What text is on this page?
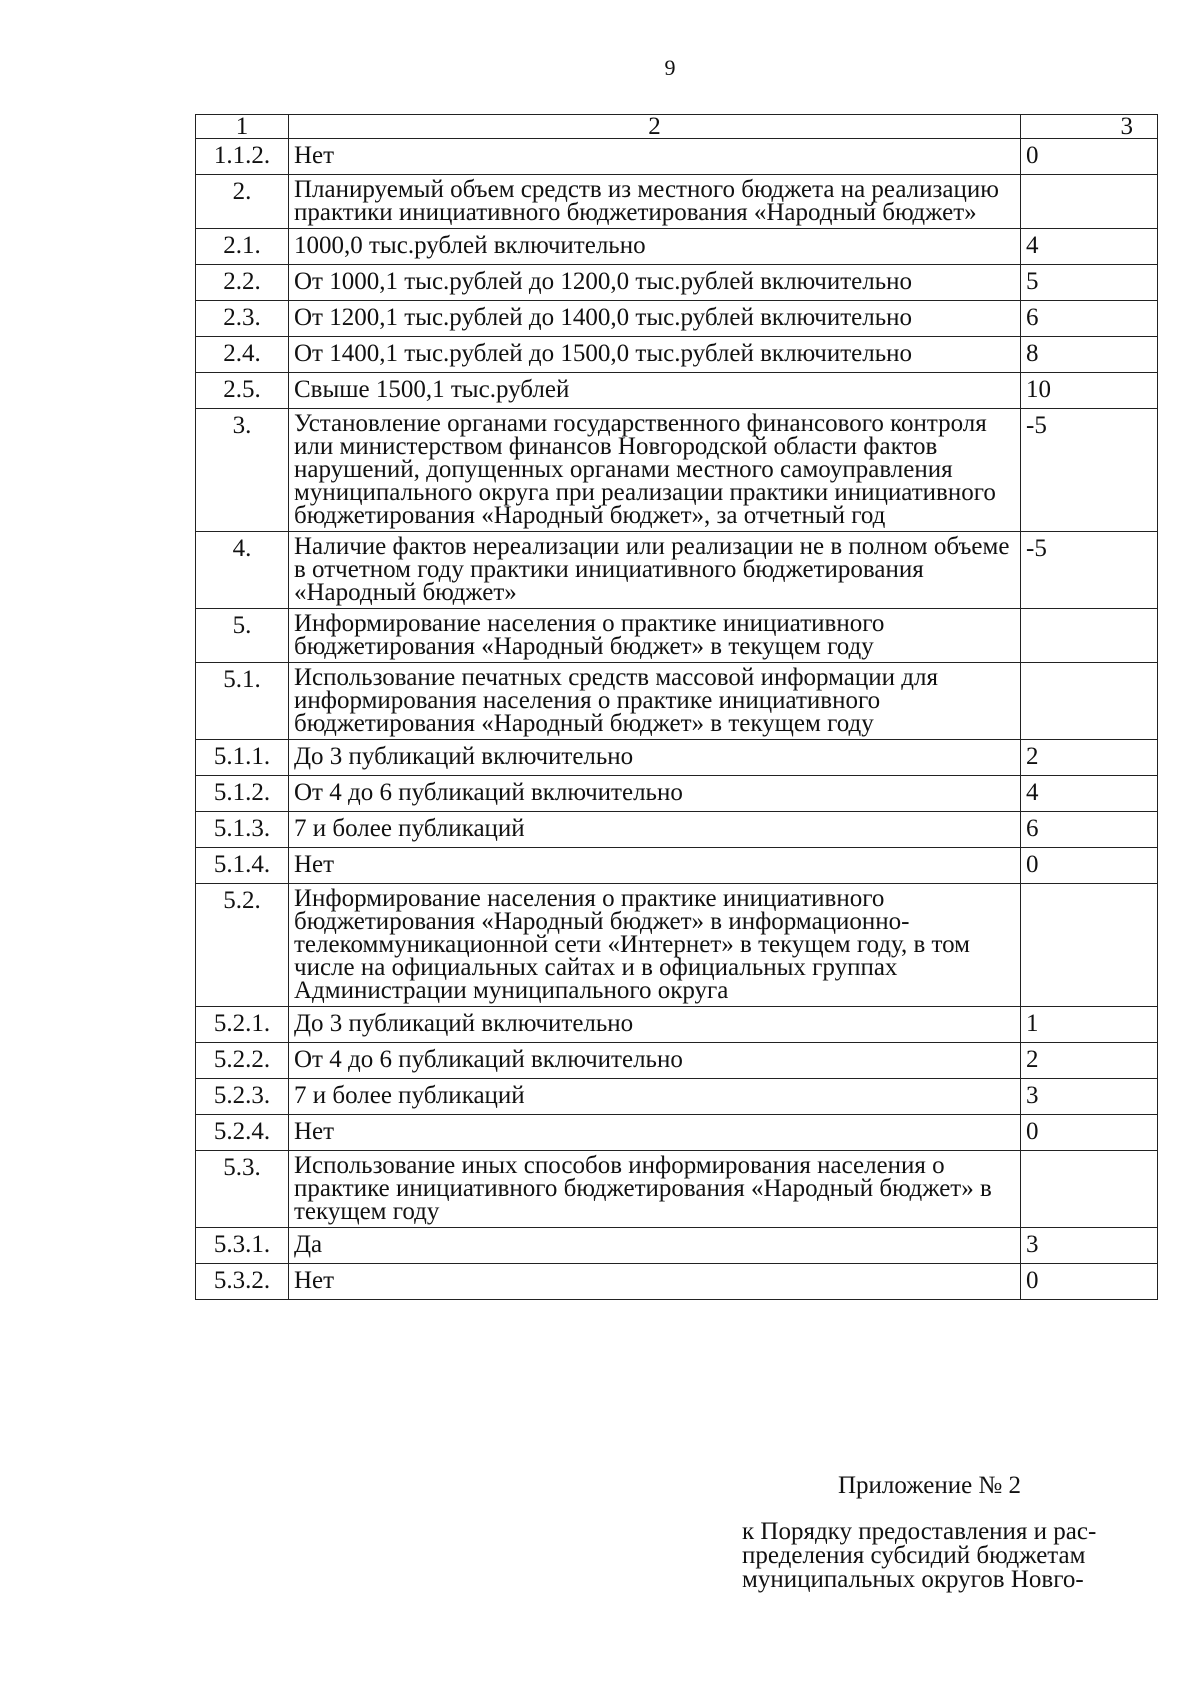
9
1	2	3
1.1.2.	Нет	0
2.	Планируемый объем средств из местного бюджета на реализацию практики инициативного бюджетирования «Народный бюджет»	
2.1.	1000,0 тыс.рублей включительно	4
2.2.	От 1000,1 тыс.рублей до 1200,0 тыс.рублей включительно	5
2.3.	От 1200,1 тыс.рублей до 1400,0 тыс.рублей включительно	6
2.4.	От 1400,1 тыс.рублей до 1500,0 тыс.рублей включительно	8
2.5.	Свыше 1500,1 тыс.рублей	10
3.	Установление органами государственного финансового контроля или министерством финансов Новгородской области фактов нарушений, допущенных органами местного самоуправления муниципального округа при реализации практики инициативного бюджетирования «Народный бюджет», за отчетный год	-5
4.	Наличие фактов нереализации или реализации не в полном объеме в отчетном году практики инициативного бюджетирования «Народный бюджет»	-5
5.	Информирование населения о практике инициативного бюджетирования «Народный бюджет» в текущем году	
5.1.	Использование печатных средств массовой информации для информирования населения о практике инициативного бюджетирования «Народный бюджет» в текущем году	
5.1.1.	До 3 публикаций включительно	2
5.1.2.	От 4 до 6 публикаций включительно	4
5.1.3.	7 и более публикаций	6
5.1.4.	Нет	0
5.2.	Информирование населения о практике инициативного бюджетирования «Народный бюджет» в информационно-телекоммуникационной сети «Интернет» в текущем году, в том числе на официальных сайтах и в официальных группах Администрации муниципального округа	
5.2.1.	До 3 публикаций включительно	1
5.2.2.	От 4 до 6 публикаций включительно	2
5.2.3.	7 и более публикаций	3
5.2.4.	Нет	0
5.3.	Использование иных способов информирования населения о практике инициативного бюджетирования «Народный бюджет» в текущем году	
5.3.1.	Да	3
5.3.2.	Нет	0
Приложение № 2
к Порядку предоставления и рас-
пределения субсидий бюджетам
муниципальных округов Новго-
